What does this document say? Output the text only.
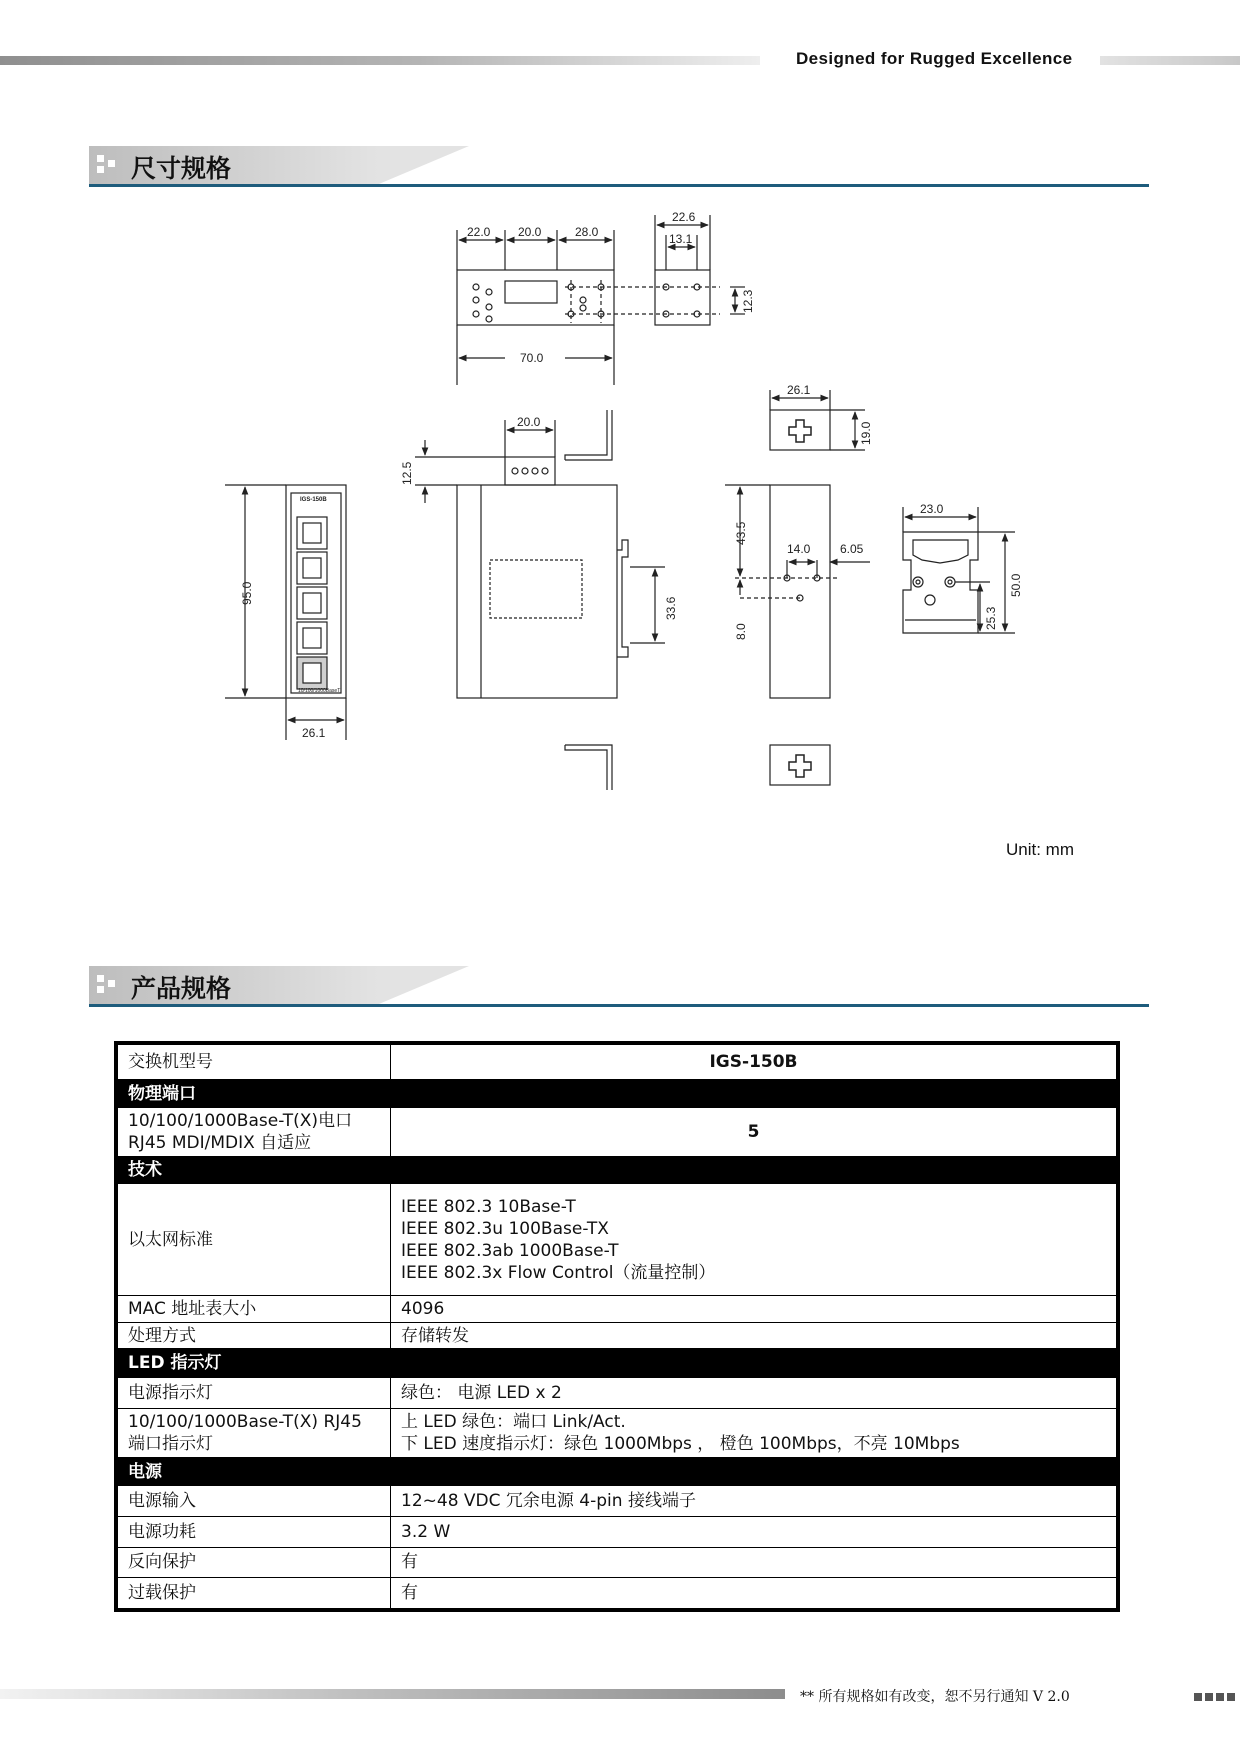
Designed for Rugged Excellence
尺寸规格
22.0 20.0	28.0
70.0
22.6
13.1
12.3
20.0
12.5
33.6
IGS-150B
10/100/1000BaseT
95.0
26.1
26.1
19.0
43.5
8.0
14.0 6.05
23.0
50.0
25.3
Unit: mm
产品规格
交换机型号	IGS-150B
物理端口	

10/100/1000Base-T(X)电口
RJ45 MDI/MDIX 自适应	5
技术	
以太网标准	IEEE 802.3 10Base-T
IEEE 802.3u 100Base-TX
IEEE 802.3ab 1000Base-T
IEEE 802.3x Flow Control（流量控制）

MAC 地址表大小	4096
处理方式	存储转发
LED 指示灯	
电源指示灯	绿色： 电源 LED x 2

10/100/1000Base-T(X) RJ45
端口指示灯	上 LED 绿色：端口 Link/Act.
下 LED 速度指示灯：绿色 1000Mbps ， 橙色 100Mbps，不亮 10Mbps

电源	
电源输入	12~48 VDC 冗余电源 4-pin 接线端子
电源功耗	3.2 W
反向保护	有
过载保护	有
** 所有规格如有改变，恕不另行通知 V 2.0
